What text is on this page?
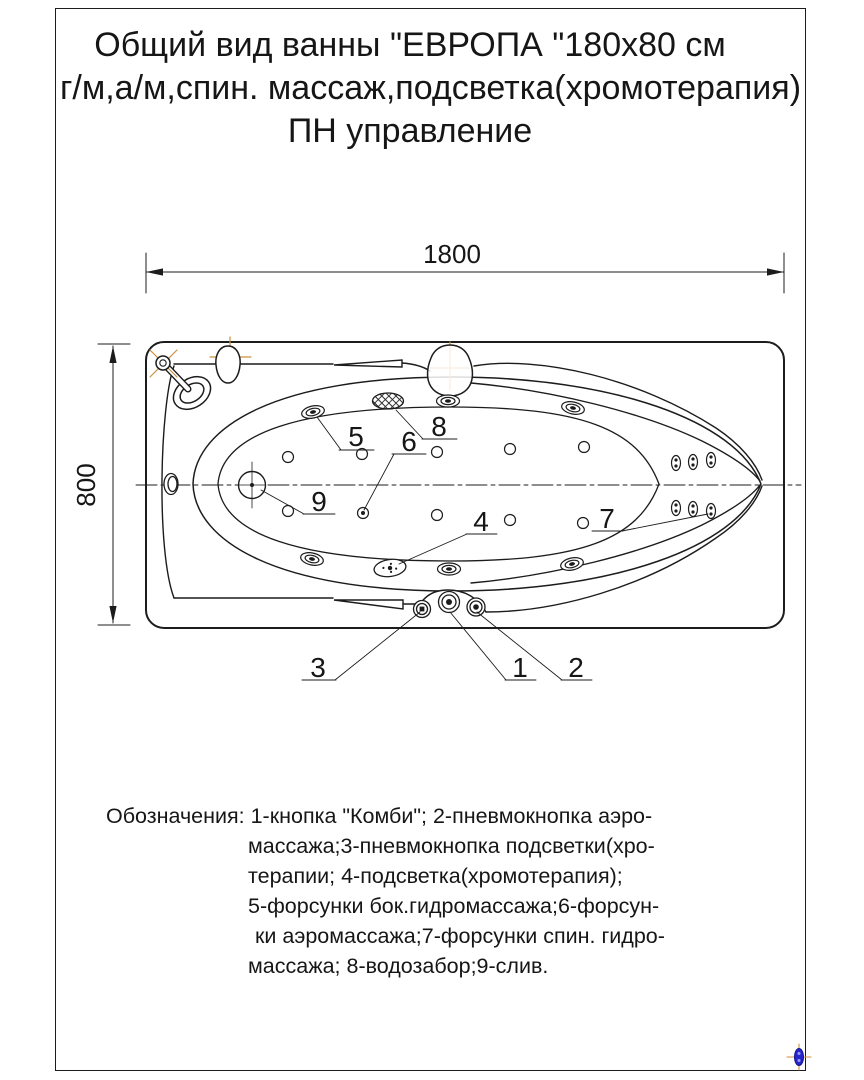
Общий вид ванны "ЕВРОПА "180х80 см
г/м,а/м,спин. массаж,подсветка(хромотерапия)
ПН управление
1800
800
5 6 8
9
4	7
1 2
3
Обозначения: 1-кнопка "Комби"; 2-пневмокнопка аэро-
массажа;3-пневмокнопка подсветки(хро-
терапии; 4-подсветка(хромотерапия);
5-форсунки бок.гидромассажа;6-форсун-
ки аэромассажа;7-форсунки спин. гидро-
массажа; 8-водозабор;9-слив.
